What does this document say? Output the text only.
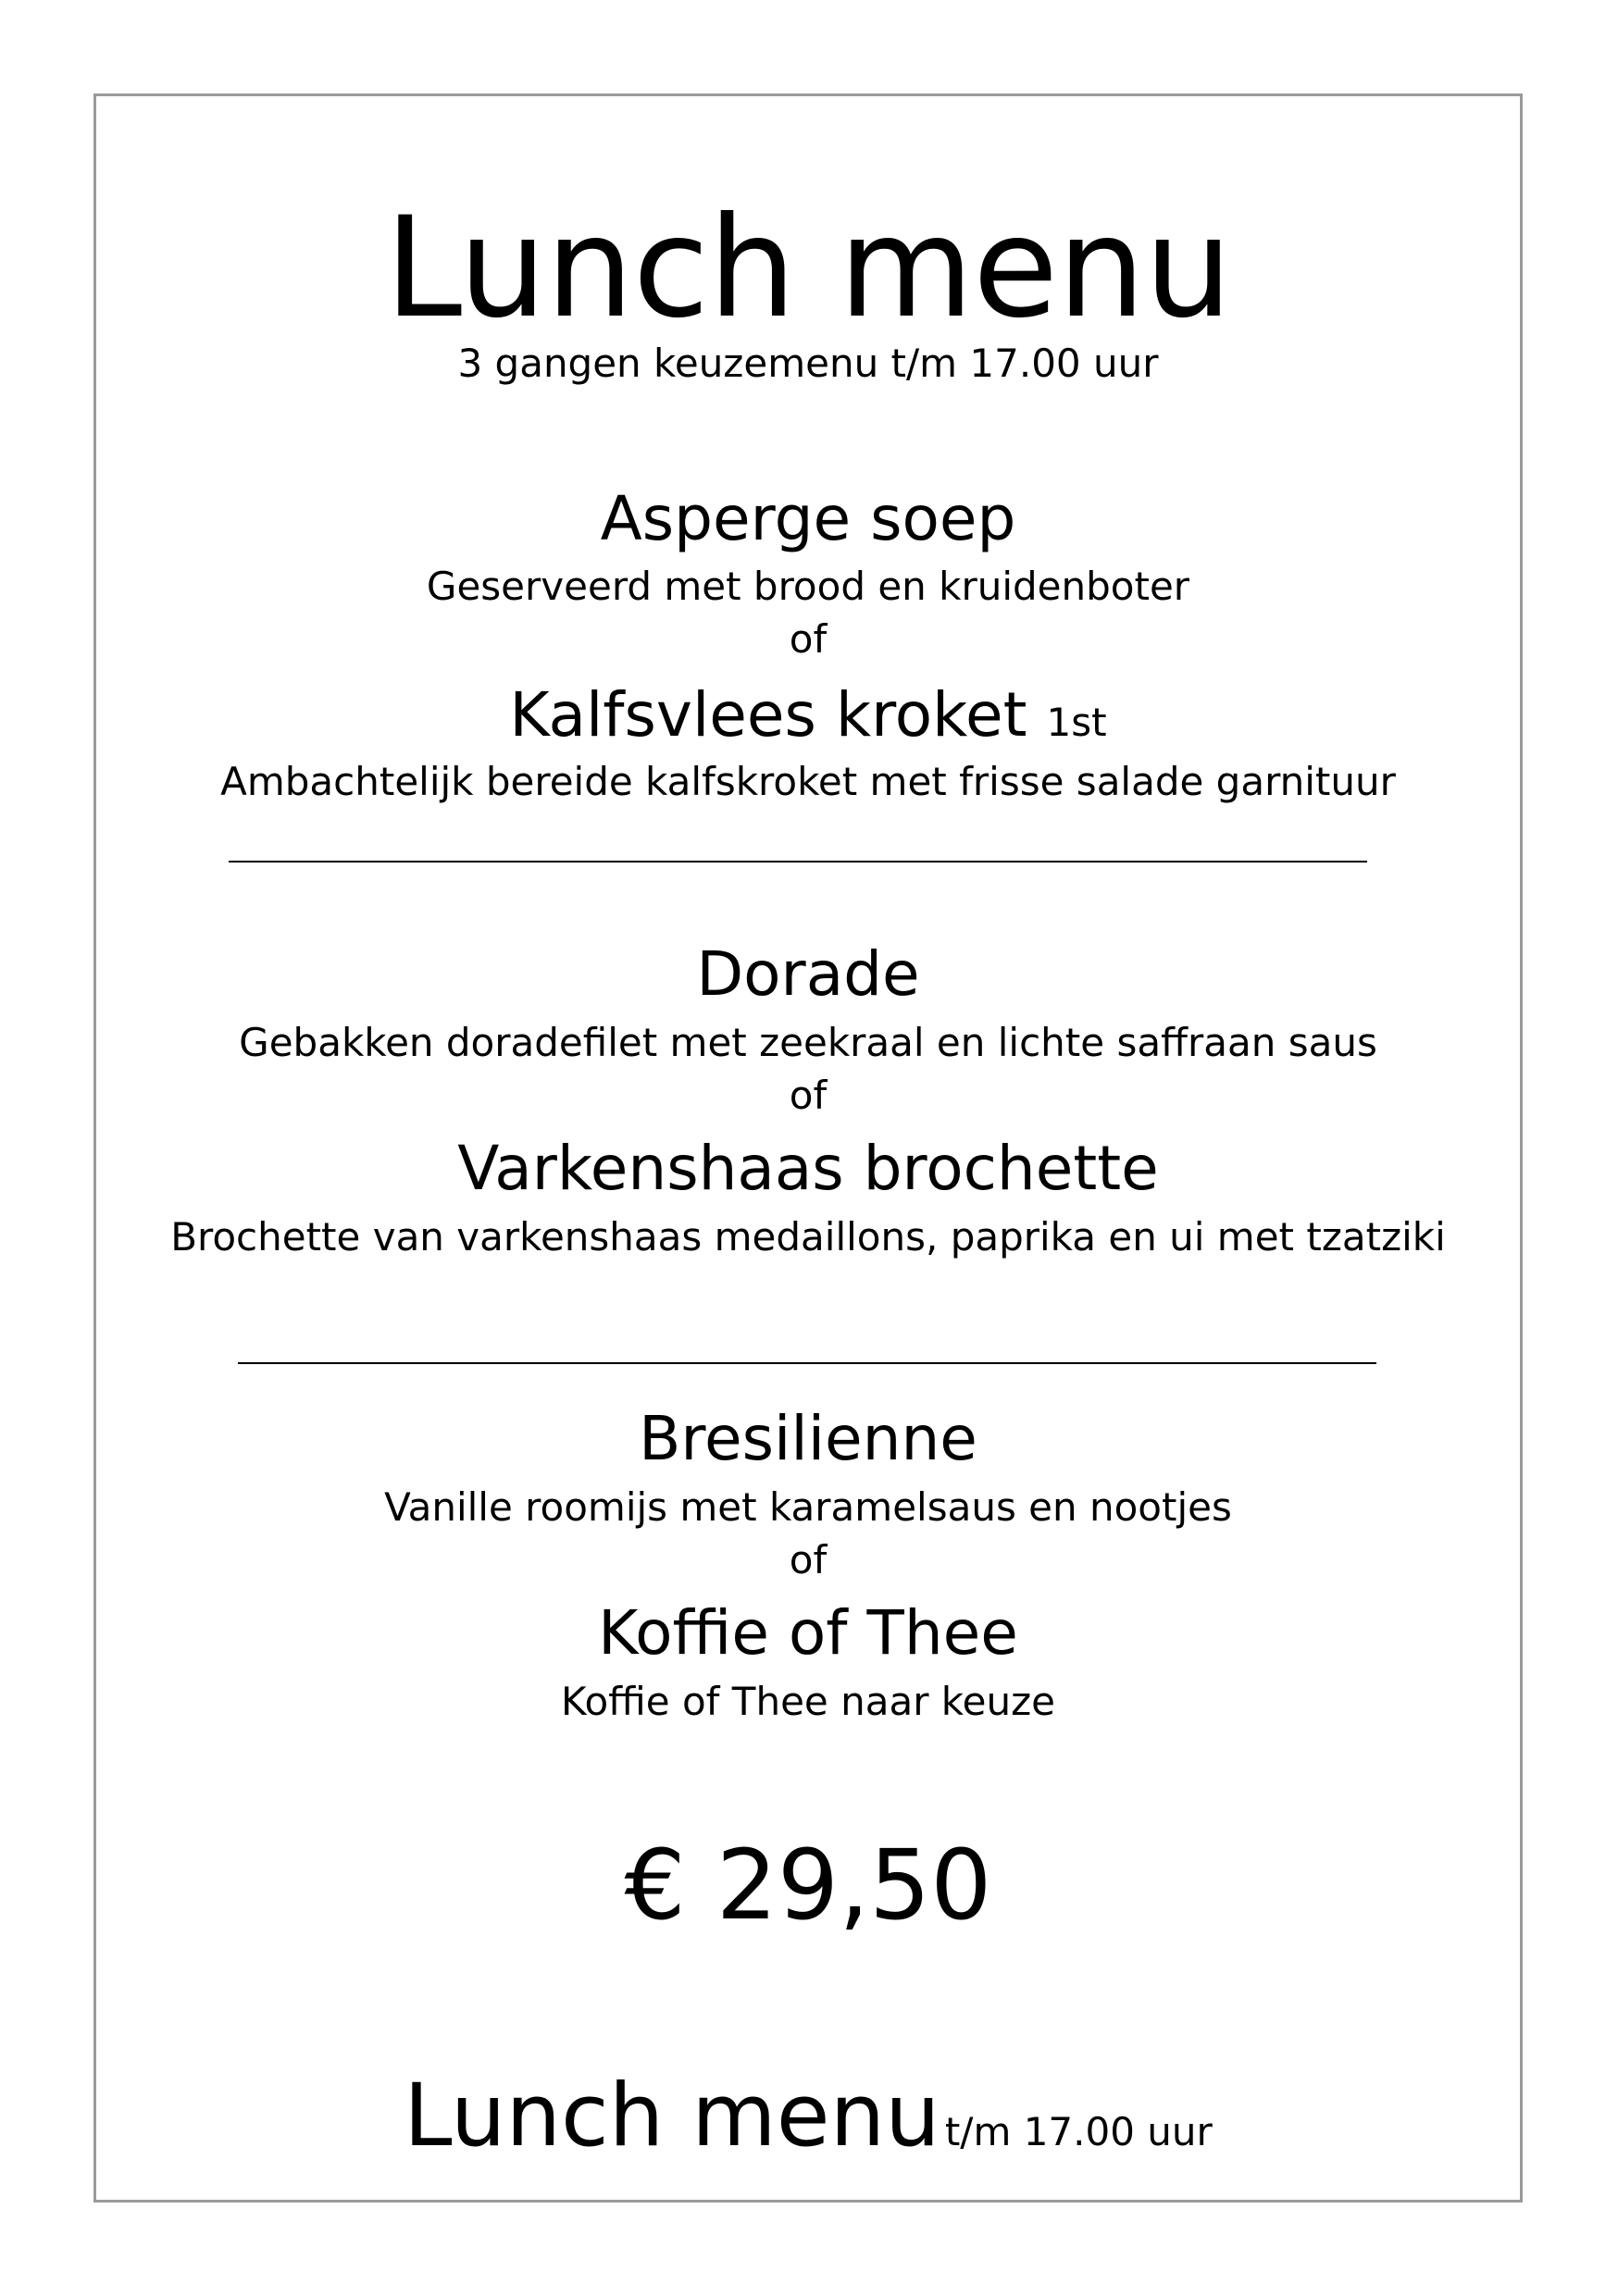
Lunch menu
3 gangen keuzemenu t/m 17.00 uur
Asperge soep
Geserveerd met brood en kruidenboter
of
Kalfsvlees kroket 1st
Ambachtelijk bereide kalfskroket met frisse salade garnituur
Dorade
Gebakken doradefilet met zeekraal en lichte saffraan saus
of
Varkenshaas brochette
Brochette van varkenshaas medaillons, paprika en ui met tzatziki
Bresilienne
Vanille roomijs met karamelsaus en nootjes
of
Koffie of Thee
Koffie of Thee naar keuze
€ 29,50
Lunch menu t/m 17.00 uur
